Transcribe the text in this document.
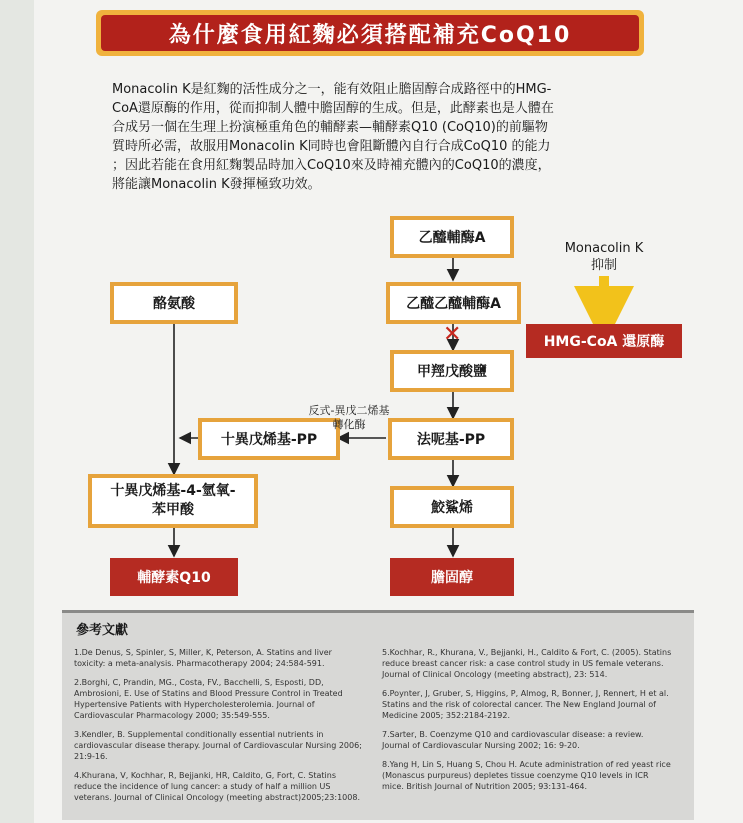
為什麼食用紅麴必須搭配補充CoQ10
Monacolin K是紅麴的活性成分之一，能有效阻止膽固醇合成路徑中的HMG-
CoA還原酶的作用，從而抑制人體中膽固醇的生成。但是，此酵素也是人體在
合成另一個在生理上扮演極重角色的輔酵素—輔酵素Q10 (CoQ10)的前驅物
質時所必需，故服用Monacolin K同時也會阻斷體內自行合成CoQ10 的能力
；因此若能在食用紅麴製品時加入CoQ10來及時補充體內的CoQ10的濃度，
將能讓Monacolin K發揮極致功效。
乙醯輔酶A
乙醯乙醯輔酶A
✕
甲羥戊酸鹽
法呢基-PP
鮫鯊烯
膽固醇
酪氨酸
十異戊烯基-PP
十異戊烯基-4-氫氧-
苯甲酸
輔酵素Q10
反式-異戊二烯基
轉化酶
Monacolin K
抑制
HMG-CoA 還原酶
參考文獻
1.De Denus, S, Spinler, S, Miller, K, Peterson, A. Statins and liver toxicity: a meta-analysis. Pharmacotherapy 2004; 24:584-591.
2.Borghi, C, Prandin, MG., Costa, FV., Bacchelli, S, Esposti, DD, Ambrosioni, E. Use of Statins and Blood Pressure Control in Treated Hypertensive Patients with Hypercholesterolemia. Journal of Cardiovascular Pharmacology 2000; 35:549-555.
3.Kendler, B. Supplemental conditionally essential nutrients in cardiovascular disease therapy. Journal of Cardiovascular Nursing 2006; 21:9-16.
4.Khurana, V, Kochhar, R, Bejjanki, HR, Caldito, G, Fort, C. Statins reduce the incidence of lung cancer: a study of half a million US veterans. Journal of Clinical Oncology (meeting abstract)2005;23:1008.
5.Kochhar, R., Khurana, V., Bejjanki, H., Caldito & Fort, C. (2005). Statins reduce breast cancer risk: a case control study in US female veterans. Journal of Clinical Oncology (meeting abstract), 23: 514.
6.Poynter, J, Gruber, S, Higgins, P, Almog, R, Bonner, J, Rennert, H et al. Statins and the risk of colorectal cancer. The New England Journal of Medicine 2005; 352:2184-2192.
7.Sarter, B. Coenzyme Q10 and cardiovascular disease: a review. Journal of Cardiovascular Nursing 2002; 16: 9-20.
8.Yang H, Lin S, Huang S, Chou H. Acute administration of red yeast rice (Monascus purpureus) depletes tissue coenzyme Q10 levels in ICR mice. British Journal of Nutrition 2005; 93:131-464.
